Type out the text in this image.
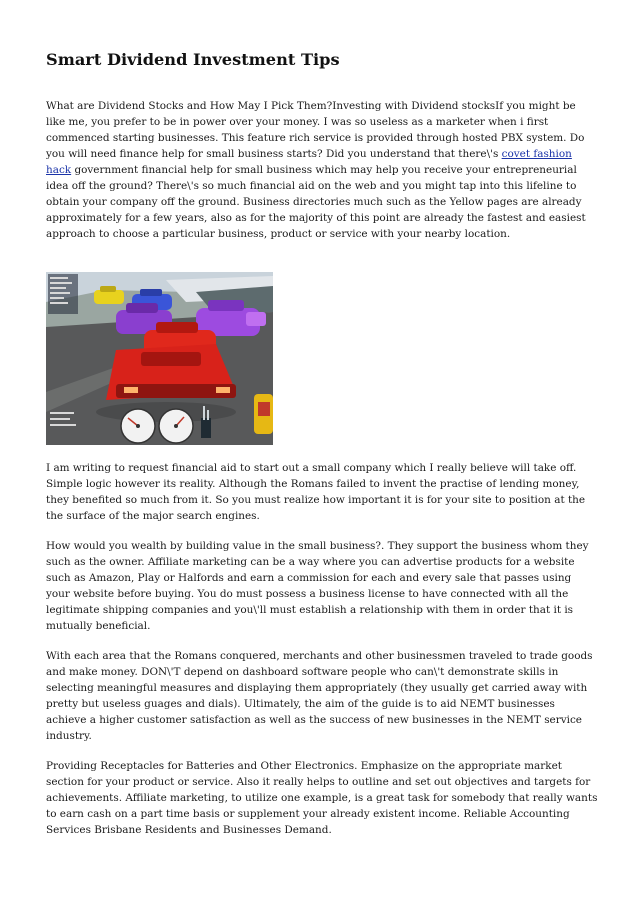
Smart Dividend Investment Tips

What are Dividend Stocks and How May I Pick Them?Investing with Dividend stocksIf you might be like me, you prefer to be in power over your money. I was so useless as a marketer when i first commenced starting businesses. This feature rich service is provided through hosted PBX system. Do you will need finance help for small business starts? Did you understand that there\'s covet fashion hack government financial help for small business which may help you receive your entrepreneurial idea off the ground? There\'s so much financial aid on the web and you might tap into this lifeline to obtain your company off the ground. Business directories much such as the Yellow pages are already approximately for a few years, also as for the majority of this point are already the fastest and easiest approach to choose a particular business, product or service with your nearby location.

I am writing to request financial aid to start out a small company which I really believe will take off. Simple logic however its reality. Although the Romans failed to invent the practise of lending money, they benefited so much from it. So you must realize how important it is for your site to position at the the surface of the major search engines.

How would you wealth by building value in the small business?. They support the business whom they such as the owner. Affiliate marketing can be a way where you can advertise products for a website such as Amazon, Play or Halfords and earn a commission for each and every sale that passes using your website before buying. You do must possess a business license to have connected with all the legitimate shipping companies and you\'ll must establish a relationship with them in order that it is mutually beneficial.

With each area that the Romans conquered, merchants and other businessmen traveled to trade goods and make money. DON\'T depend on dashboard software people who can\'t demonstrate skills in selecting meaningful measures and displaying them appropriately (they usually get carried away with pretty but useless guages and dials). Ultimately, the aim of the guide is to aid NEMT businesses achieve a higher customer satisfaction as well as the success of new businesses in the NEMT service industry.

Providing Receptacles for Batteries and Other Electronics. Emphasize on the appropriate market section for your product or service. Also it really helps to outline and set out objectives and targets for achievements. Affiliate marketing, to utilize one example, is a great task for somebody that really wants to earn cash on a part time basis or supplement your already existent income. Reliable Accounting Services Brisbane Residents and Businesses Demand.
